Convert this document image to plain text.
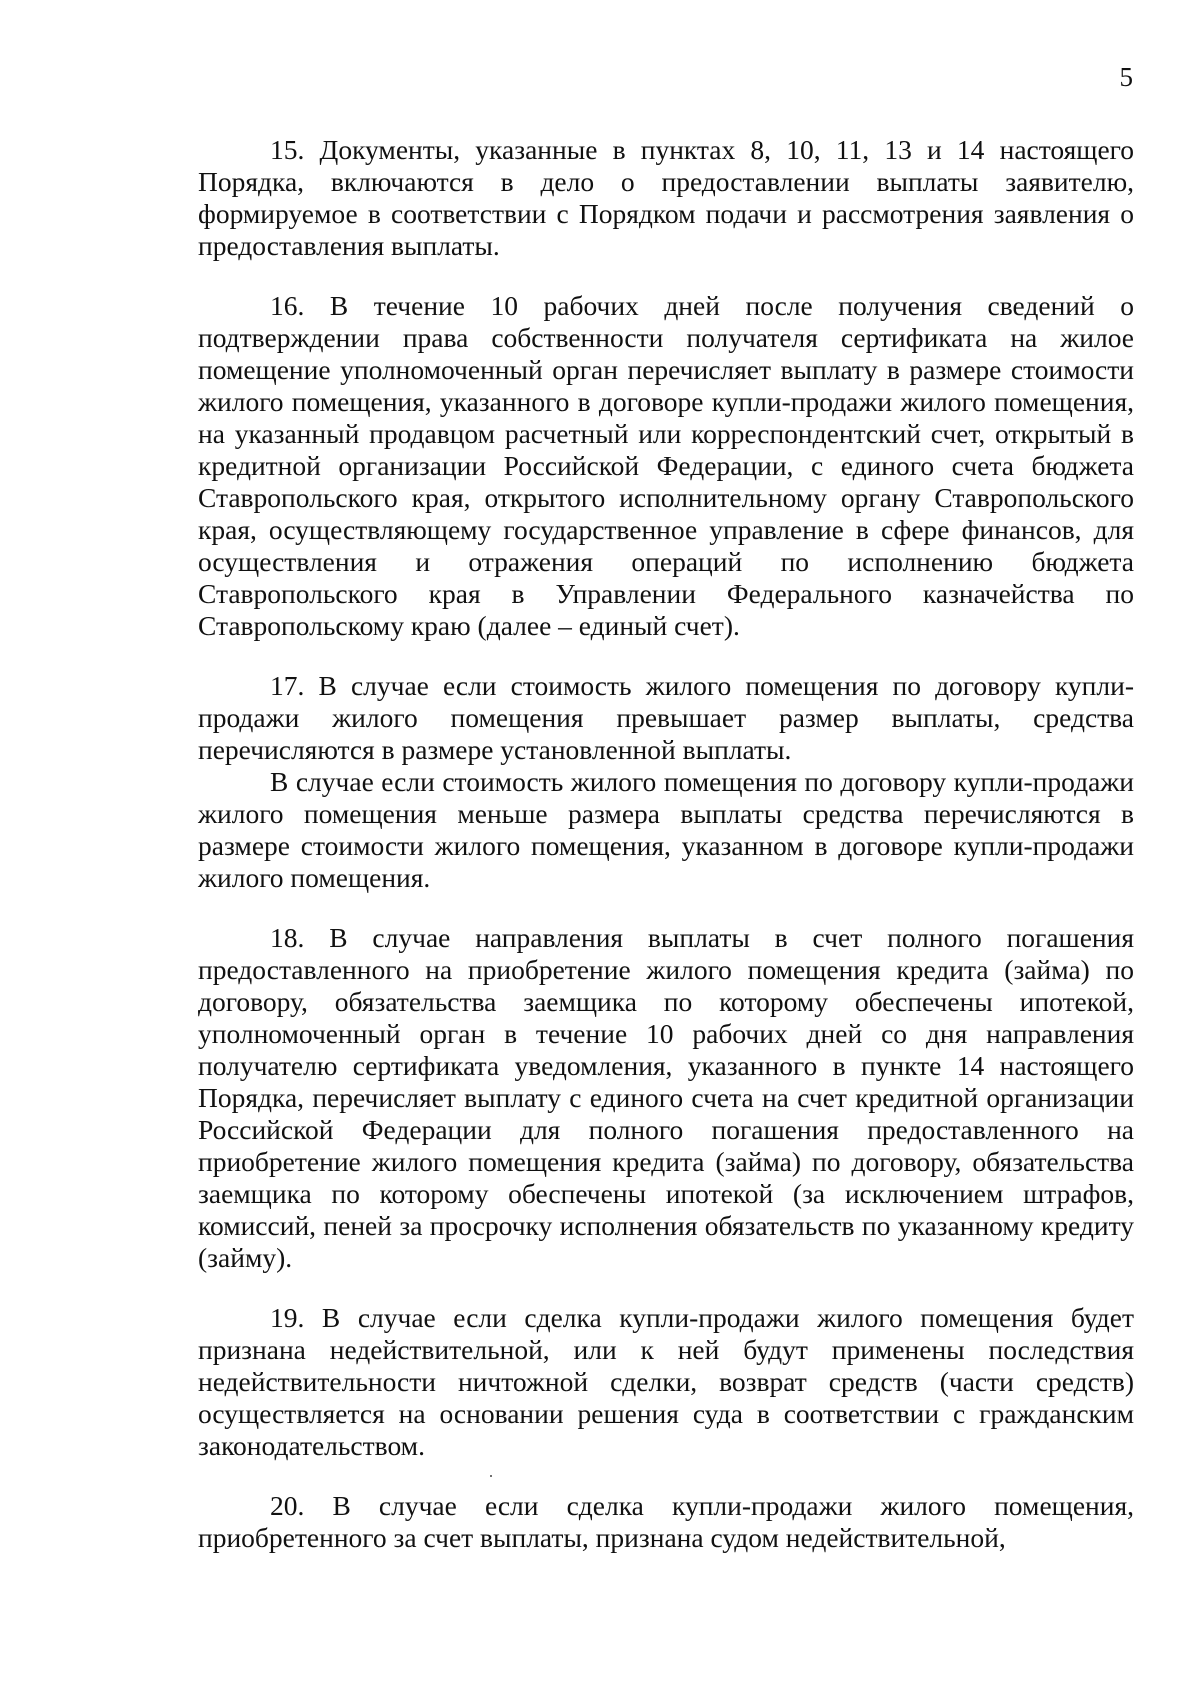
5

15. Документы, указанные в пунктах 8, 10, 11, 13 и 14 настоящего Порядка, включаются в дело о предоставлении выплаты заявителю, формируемое в соответствии с Порядком подачи и рассмотрения заявления о предоставления выплаты.

16. В течение 10 рабочих дней после получения сведений о подтверждении права собственности получателя сертификата на жилое помещение уполномоченный орган перечисляет выплату в размере стоимости жилого помещения, указанного в договоре купли-продажи жилого помещения, на указанный продавцом расчетный или корреспондентский счет, открытый в кредитной организации Российской Федерации, с единого счета бюджета Ставропольского края, открытого исполнительному органу Ставропольского края, осуществляющему государственное управление в сфере финансов, для осуществления и отражения операций по исполнению бюджета Ставропольского края в Управлении Федерального казначейства по Ставропольскому краю (далее – единый счет).

17. В случае если стоимость жилого помещения по договору купли-продажи жилого помещения превышает размер выплаты, средства перечисляются в размере установленной выплаты.

В случае если стоимость жилого помещения по договору купли-продажи жилого помещения меньше размера выплаты средства перечисляются в размере стоимости жилого помещения, указанном в договоре купли-продажи жилого помещения.

18. В случае направления выплаты в счет полного погашения предоставленного на приобретение жилого помещения кредита (займа) по договору, обязательства заемщика по которому обеспечены ипотекой, уполномоченный орган в течение 10 рабочих дней со дня направления получателю сертификата уведомления, указанного в пункте 14 настоящего Порядка, перечисляет выплату с единого счета на счет кредитной организации Российской Федерации для полного погашения предоставленного на приобретение жилого помещения кредита (займа) по договору, обязательства заемщика по которому обеспечены ипотекой (за исключением штрафов, комиссий, пеней за просрочку исполнения обязательств по указанному кредиту (займу).

19. В случае если сделка купли-продажи жилого помещения будет признана недействительной, или к ней будут применены последствия недействительности ничтожной сделки, возврат средств (части средств) осуществляется на основании решения суда в соответствии с гражданским законодательством.

20. В случае если сделка купли-продажи жилого помещения, приобретенного за счет выплаты, признана судом недействительной,
